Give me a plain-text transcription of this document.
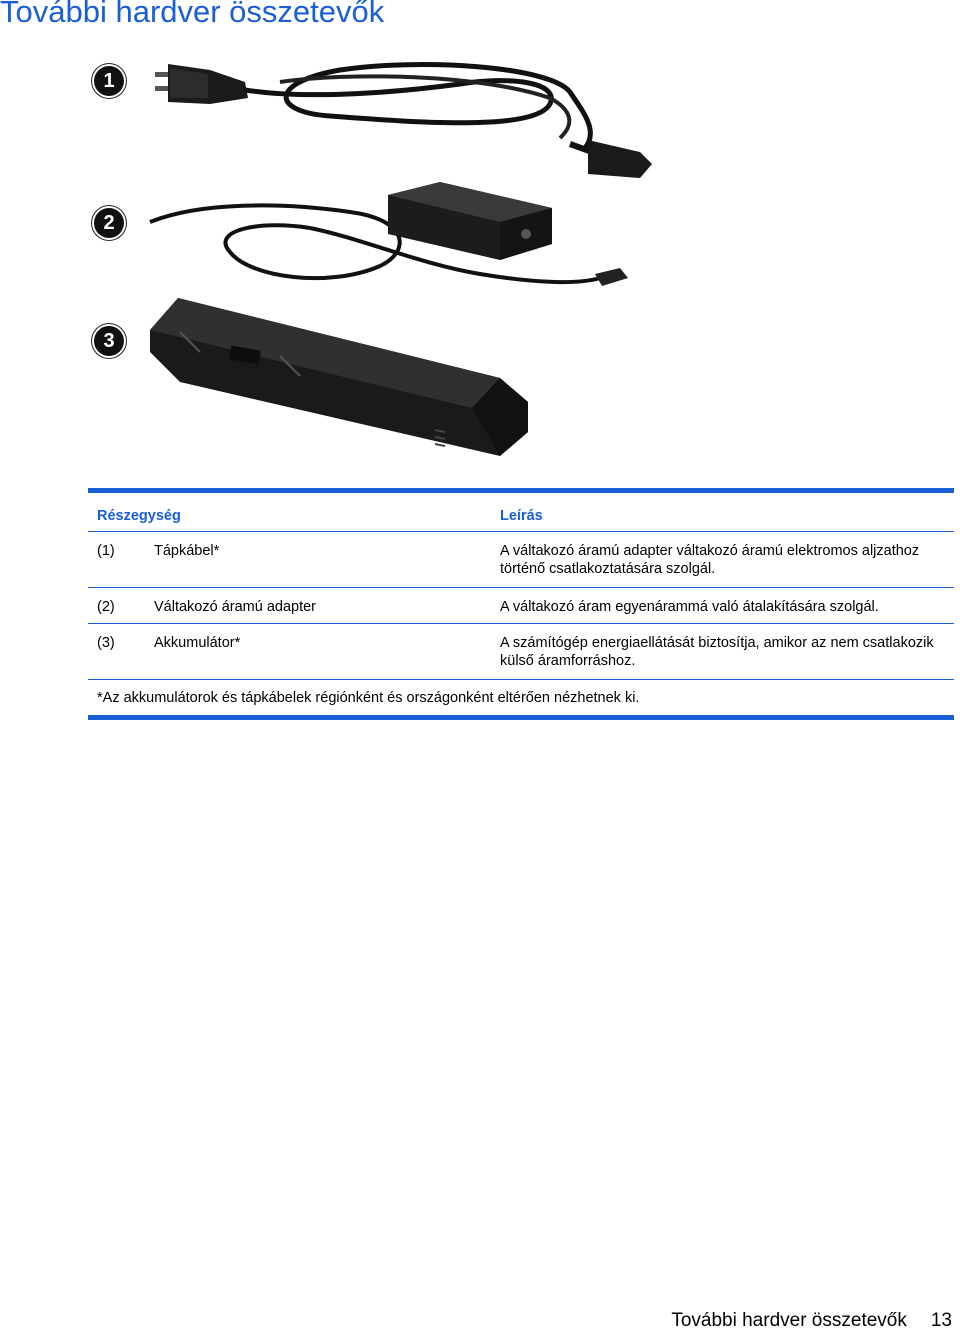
További hardver összetevők
1
2
3
Részegység	Leírás
(1)	Tápkábel*	A váltakozó áramú adapter váltakozó áramú elektromos aljzathoz történő csatlakoztatására szolgál.
(2)	Váltakozó áramú adapter	A váltakozó áram egyenárammá való átalakítására szolgál.
(3)	Akkumulátor*	A számítógép energiaellátását biztosítja, amikor az nem csatlakozik külső áramforráshoz.
*Az akkumulátorok és tápkábelek régiónként és országonként eltérően nézhetnek ki.
További hardver összetevők 13
